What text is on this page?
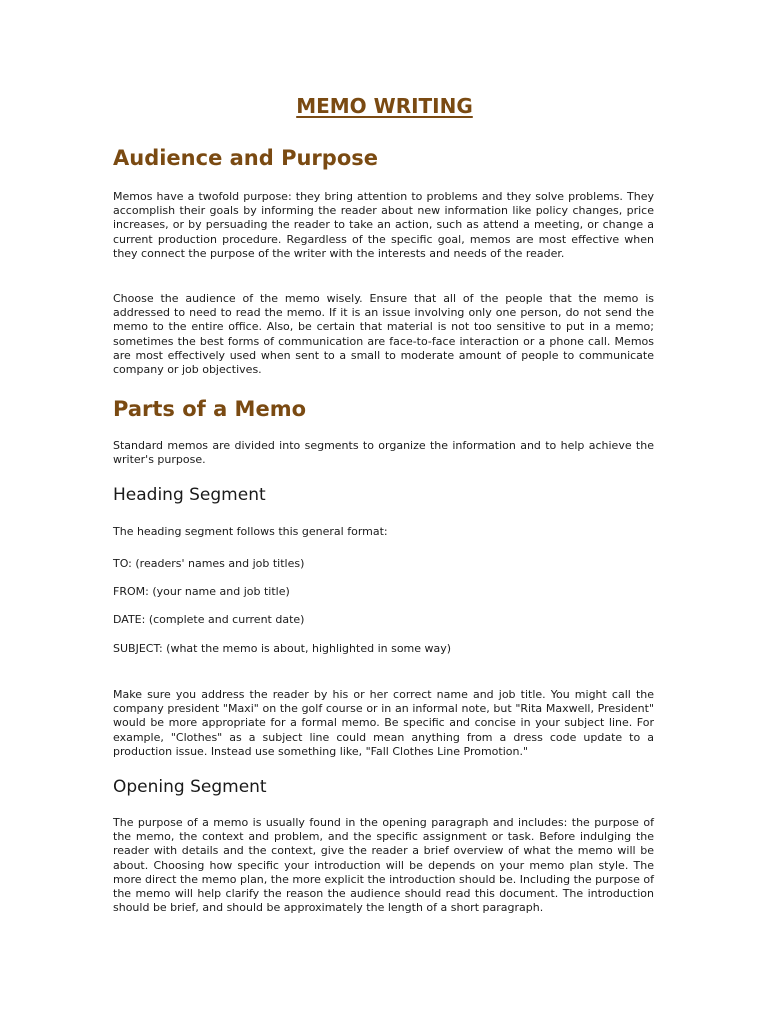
MEMO WRITING
Audience and Purpose

Memos have a twofold purpose: they bring attention to problems and they solve problems. They accomplish their goals by informing the reader about new information like policy changes, price increases, or by persuading the reader to take an action, such as attend a meeting, or change a current production procedure. Regardless of the specific goal, memos are most effective when they connect the purpose of the writer with the interests and needs of the reader.

Choose the audience of the memo wisely. Ensure that all of the people that the memo is addressed to need to read the memo. If it is an issue involving only one person, do not send the memo to the entire office. Also, be certain that material is not too sensitive to put in a memo; sometimes the best forms of communication are face-to-face interaction or a phone call. Memos are most effectively used when sent to a small to moderate amount of people to communicate company or job objectives.

Parts of a Memo

Standard memos are divided into segments to organize the information and to help achieve the writer's purpose.

Heading Segment

The heading segment follows this general format:

TO: (readers' names and job titles)

FROM: (your name and job title)

DATE: (complete and current date)

SUBJECT: (what the memo is about, highlighted in some way)

Make sure you address the reader by his or her correct name and job title. You might call the company president "Maxi" on the golf course or in an informal note, but "Rita Maxwell, President" would be more appropriate for a formal memo. Be specific and concise in your subject line. For example, "Clothes" as a subject line could mean anything from a dress code update to a production issue. Instead use something like, "Fall Clothes Line Promotion."

Opening Segment

The purpose of a memo is usually found in the opening paragraph and includes: the purpose of the memo, the context and problem, and the specific assignment or task. Before indulging the reader with details and the context, give the reader a brief overview of what the memo will be about. Choosing how specific your introduction will be depends on your memo plan style. The more direct the memo plan, the more explicit the introduction should be. Including the purpose of the memo will help clarify the reason the audience should read this document. The introduction should be brief, and should be approximately the length of a short paragraph.
